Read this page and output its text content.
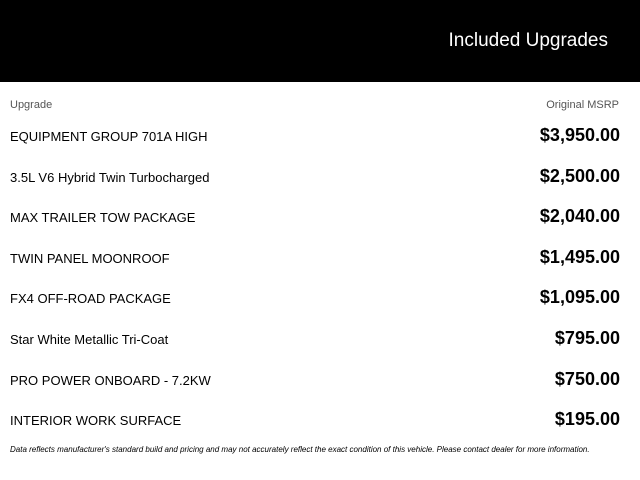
Included Upgrades
Upgrade	Original MSRP
EQUIPMENT GROUP 701A HIGH	$3,950.00
3.5L V6 Hybrid Twin Turbocharged	$2,500.00
MAX TRAILER TOW PACKAGE	$2,040.00
TWIN PANEL MOONROOF	$1,495.00
FX4 OFF-ROAD PACKAGE	$1,095.00
Star White Metallic Tri-Coat	$795.00
PRO POWER ONBOARD - 7.2KW	$750.00
INTERIOR WORK SURFACE	$195.00
Data reflects manufacturer's standard build and pricing and may not accurately reflect the exact condition of this vehicle. Please contact dealer for more information.
